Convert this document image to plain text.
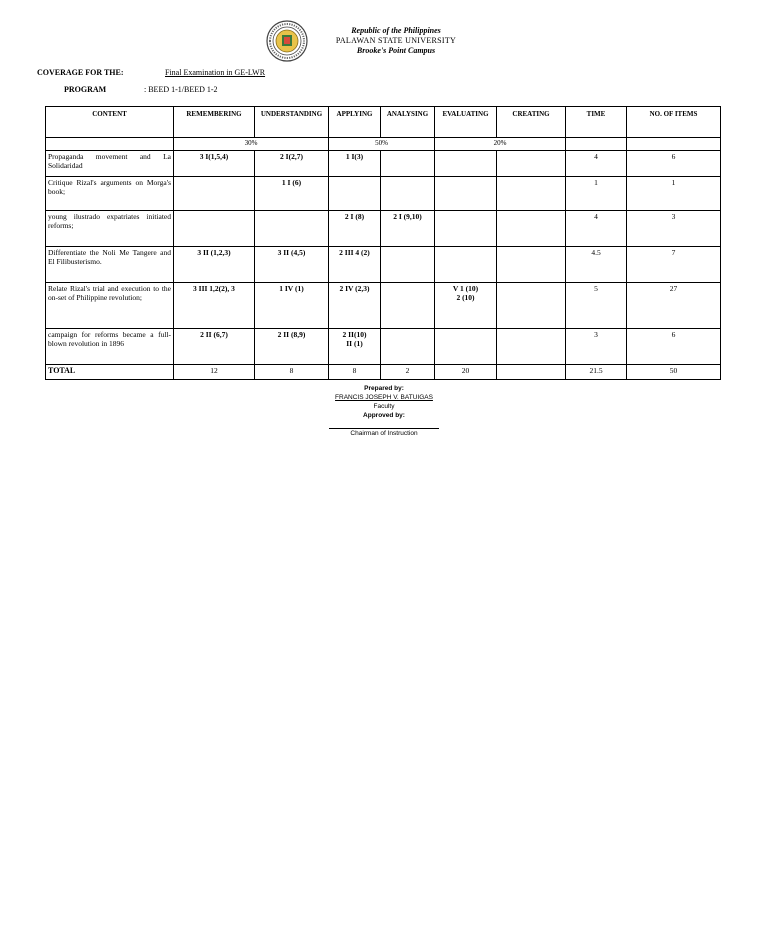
Republic of the Philippines
PALAWAN STATE UNIVERSITY
Brooke's Point Campus
COVERAGE FOR THE:	Final Examination in GE-LWR
PROGRAM	: BEED 1-1/BEED 1-2
CONTENT	REMEMBERING	UNDERSTANDING	APPLYING	ANALYSING	EVALUATING	CREATING	TIME	NO. OF ITEMS
	30%		50%		20%			
Propaganda movement and La Solidaridad	3 I(1,5,4)	2 I(2,7)	1 I(3)				4	6
Critique Rizal's arguments on Morga's book;		1 I (6)					1	1
young ilustrado expatriates initiated reforms;			2 I (8)	2 I (9,10)			4	3
Differentiate the Noli Me Tangere and El Filibusterismo.	3 II (1,2,3)	3 II (4,5)	2 III 4 (2)				4.5	7
Relate Rizal's trial and execution to the on-set of Philippine revolution;	3 III 1,2(2), 3	1 IV (1)	2 IV (2,3)		V 1 (10)
2 (10)		5	27
campaign for reforms became a full-blown revolution in 1896	2 II (6,7)	2 II (8,9)	2 II(10)
II (1)				3	6
TOTAL	12	8	8	2	20		21.5	50
Prepared by:
FRANCIS JOSEPH V. BATUIGAS
Faculty
Approved by:
Chairman of Instruction
